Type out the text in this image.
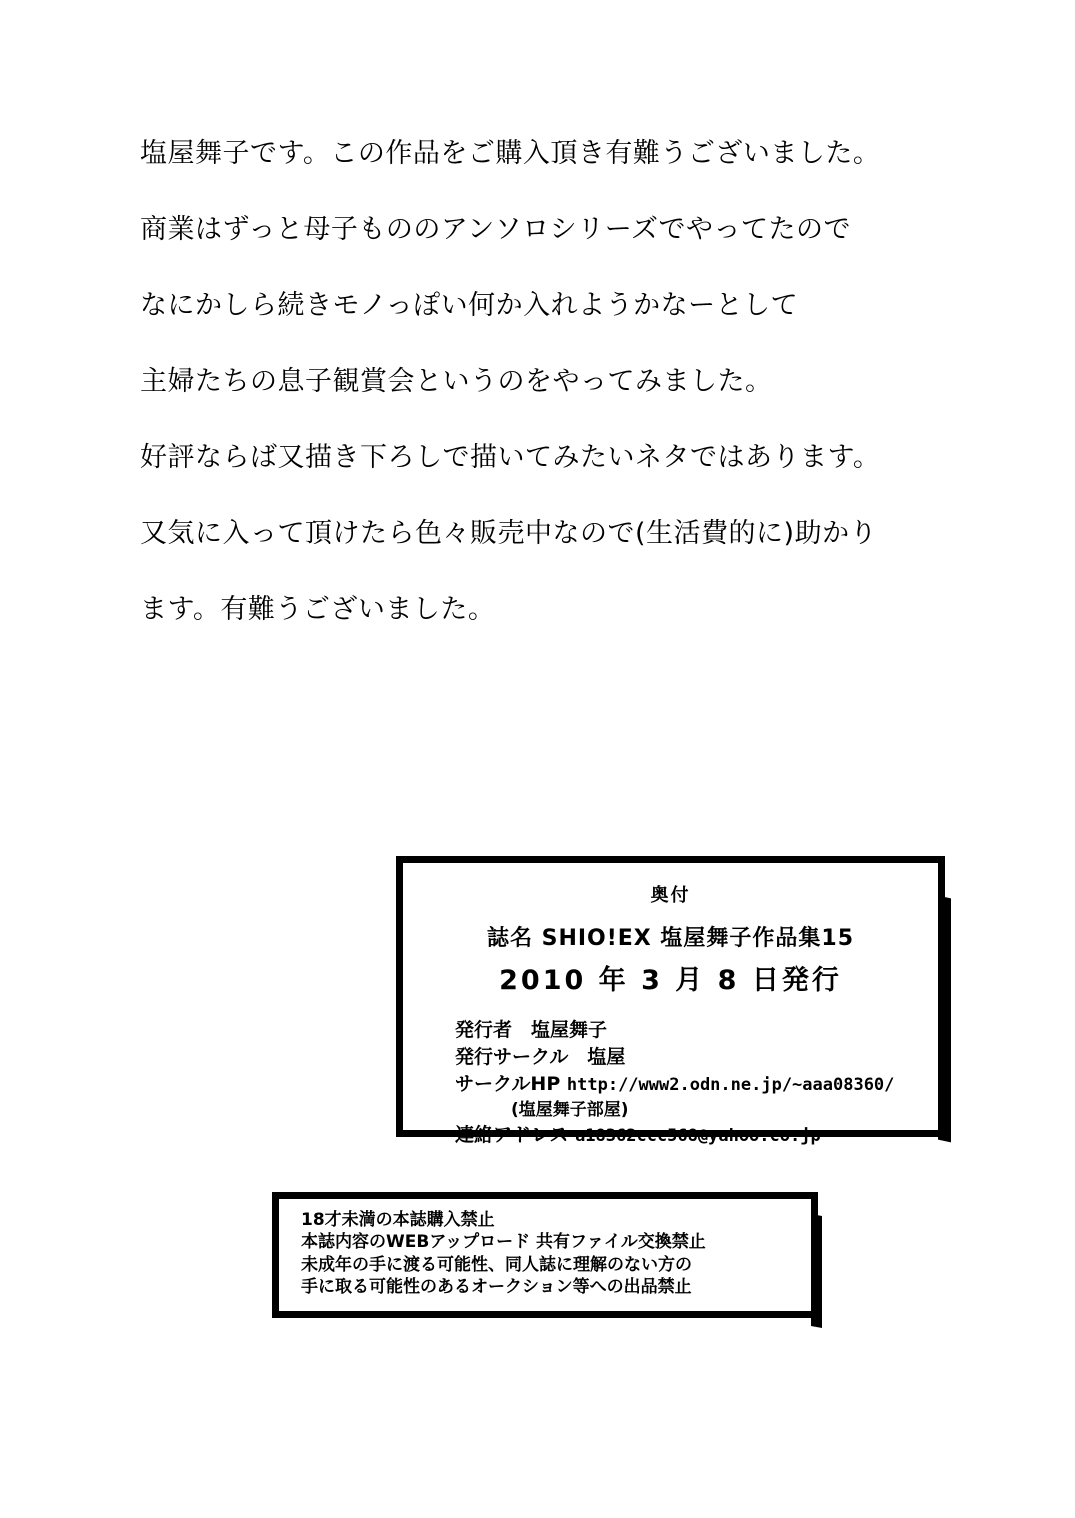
塩屋舞子です。この作品をご購入頂き有難うございました。
商業はずっと母子もののアンソロシリーズでやってたので
なにかしら続きモノっぽい何か入れようかなーとして
主婦たちの息子観賞会というのをやってみました。
好評ならば又描き下ろしで描いてみたいネタではあります。
又気に入って頂けたら色々販売中なので(生活費的に)助かり
ます。有難うございました。
奥付
誌名 SHIO!EX 塩屋舞子作品集15
2010 年 3 月 8 日発行
発行者　塩屋舞子
発行サークル　塩屋
サークルHP http://www2.odn.ne.jp/~aaa08360/
(塩屋舞子部屋)
連絡アドレス a18362ccc568@yahoo.co.jp
18才未満の本誌購入禁止
本誌内容のWEBアップロード 共有ファイル交換禁止
未成年の手に渡る可能性、同人誌に理解のない方の
手に取る可能性のあるオークション等への出品禁止
